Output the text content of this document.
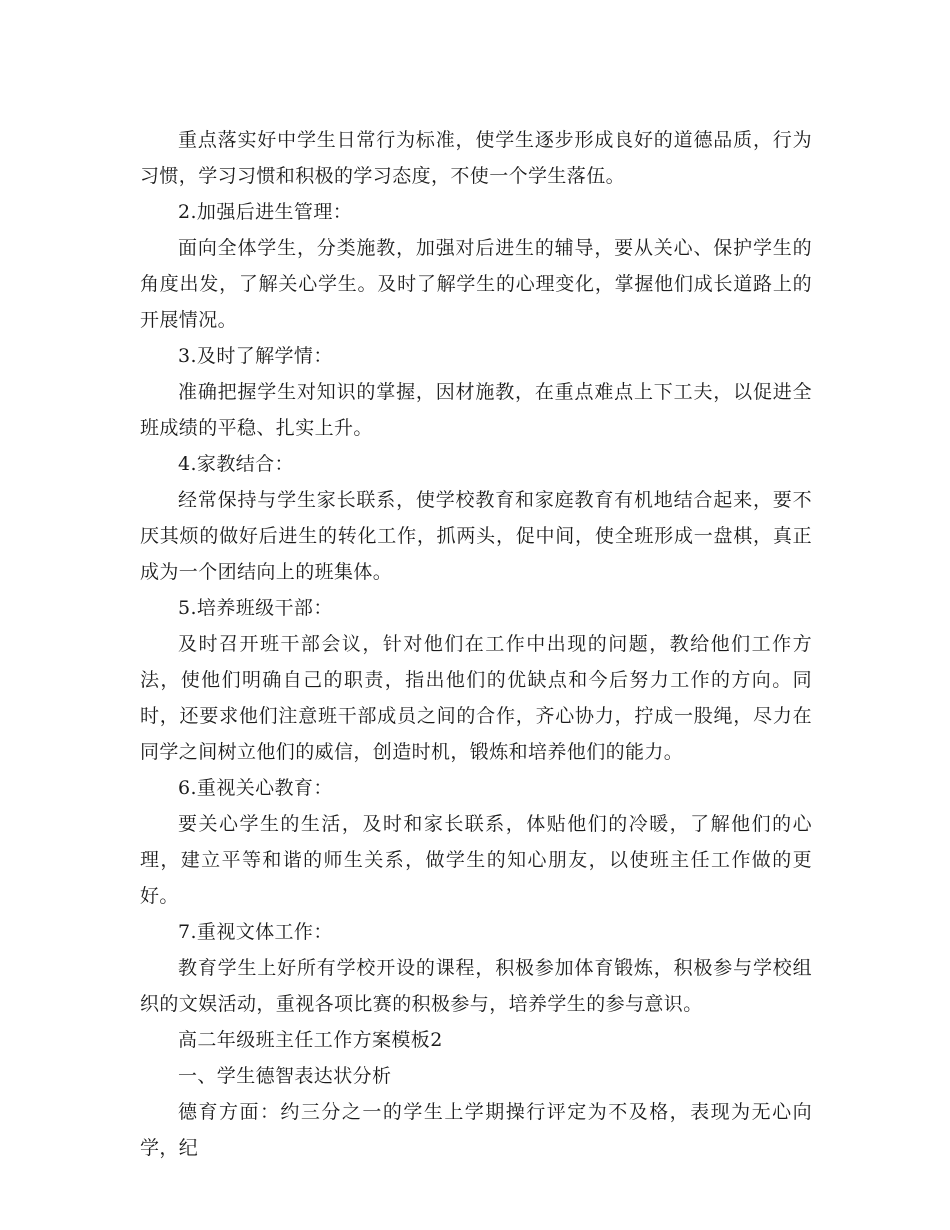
重点落实好中学生日常行为标准，使学生逐步形成良好的道德品质，行为习惯，学习习惯和积极的学习态度，不使一个学生落伍。

2.加强后进生管理：

面向全体学生，分类施教，加强对后进生的辅导，要从关心、保护学生的角度出发，了解关心学生。及时了解学生的心理变化，掌握他们成长道路上的开展情况。

3.及时了解学情：

准确把握学生对知识的掌握，因材施教，在重点难点上下工夫，以促进全班成绩的平稳、扎实上升。

4.家教结合：

经常保持与学生家长联系，使学校教育和家庭教育有机地结合起来，要不厌其烦的做好后进生的转化工作，抓两头，促中间，使全班形成一盘棋，真正成为一个团结向上的班集体。

5.培养班级干部：

及时召开班干部会议，针对他们在工作中出现的问题，教给他们工作方法，使他们明确自己的职责，指出他们的优缺点和今后努力工作的方向。同时，还要求他们注意班干部成员之间的合作，齐心协力，拧成一股绳，尽力在同学之间树立他们的威信，创造时机，锻炼和培养他们的能力。

6.重视关心教育：

要关心学生的生活，及时和家长联系，体贴他们的冷暖，了解他们的心理，建立平等和谐的师生关系，做学生的知心朋友，以使班主任工作做的更好。

7.重视文体工作：

教育学生上好所有学校开设的课程，积极参加体育锻炼，积极参与学校组织的文娱活动，重视各项比赛的积极参与，培养学生的参与意识。

高二年级班主任工作方案模板2

一、学生德智表达状分析

德育方面：约三分之一的学生上学期操行评定为不及格，表现为无心向学，纪
